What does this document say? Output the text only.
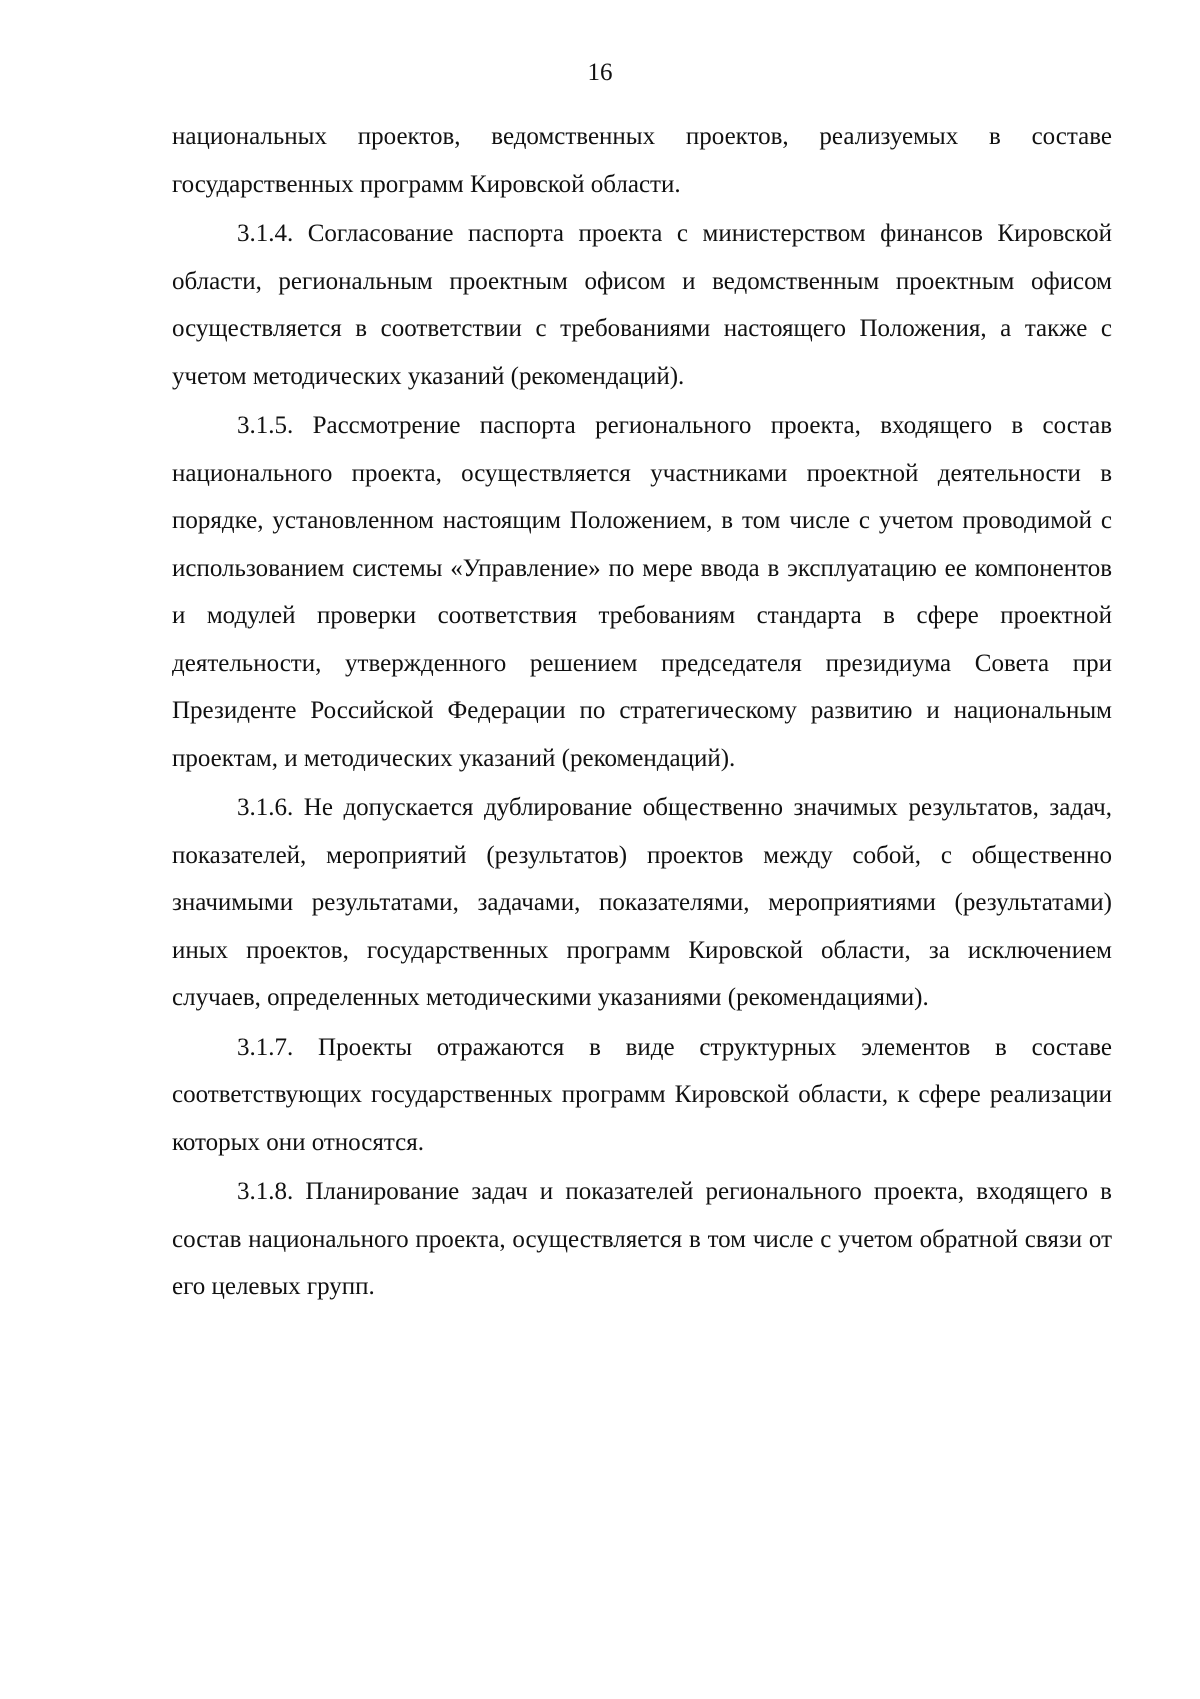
16

национальных проектов, ведомственных проектов, реализуемых в составе государственных программ Кировской области.

3.1.4. Согласование паспорта проекта с министерством финансов Кировской области, региональным проектным офисом и ведомственным проектным офисом осуществляется в соответствии с требованиями настоящего Положения, а также с учетом методических указаний (рекомендаций).

3.1.5. Рассмотрение паспорта регионального проекта, входящего в состав национального проекта, осуществляется участниками проектной деятельности в порядке, установленном настоящим Положением, в том числе с учетом проводимой с использованием системы «Управление» по мере ввода в эксплуатацию ее компонентов и модулей проверки соответствия требованиям стандарта в сфере проектной деятельности, утвержденного решением председателя президиума Совета при Президенте Российской Федерации по стратегическому развитию и национальным проектам, и методических указаний (рекомендаций).

3.1.6. Не допускается дублирование общественно значимых результатов, задач, показателей, мероприятий (результатов) проектов между собой, с общественно значимыми результатами, задачами, показателями, мероприятиями (результатами) иных проектов, государственных программ Кировской области, за исключением случаев, определенных методическими указаниями (рекомендациями).

3.1.7. Проекты отражаются в виде структурных элементов в составе соответствующих государственных программ Кировской области, к сфере реализации которых они относятся.

3.1.8. Планирование задач и показателей регионального проекта, входящего в состав национального проекта, осуществляется в том числе с учетом обратной связи от его целевых групп.
